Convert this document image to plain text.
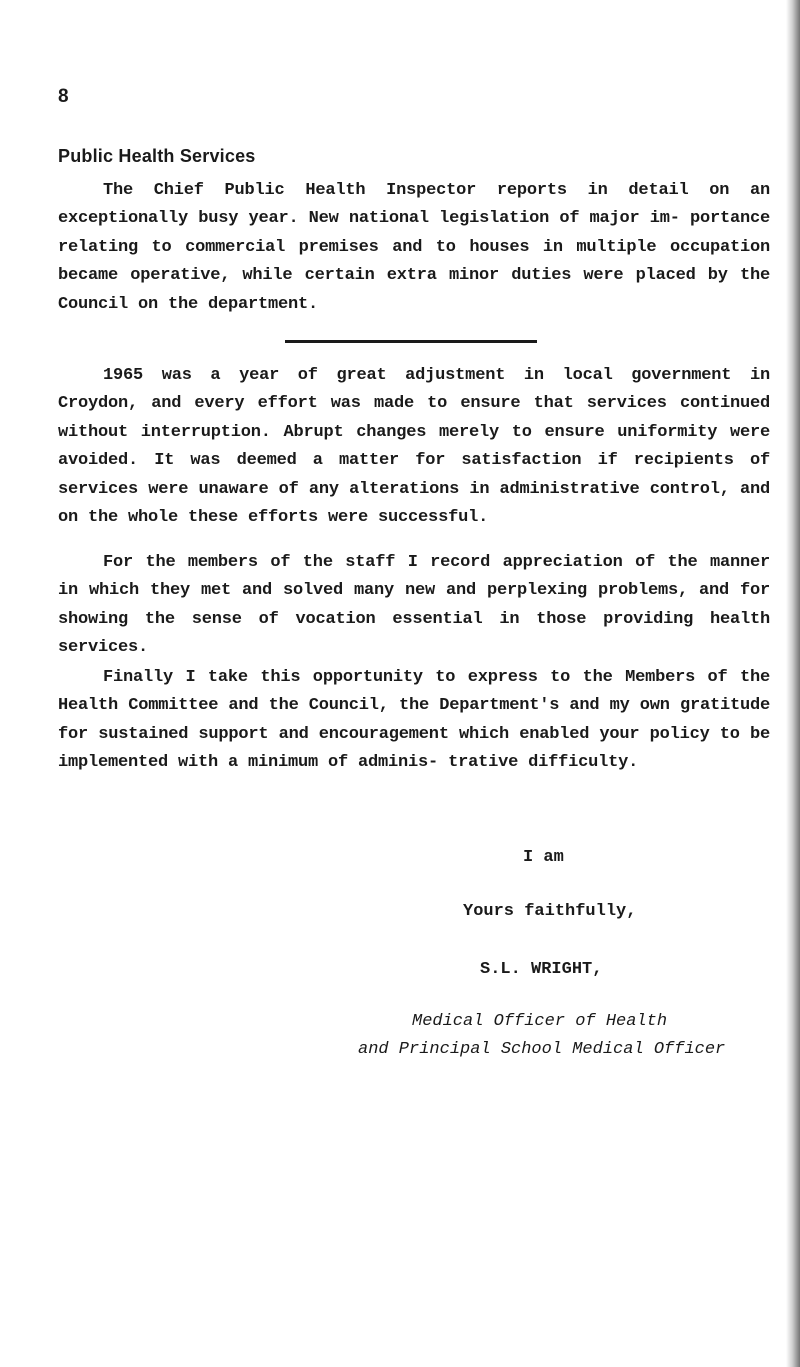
8
Public Health Services

The Chief Public Health Inspector reports in detail on an exceptionally busy year. New national legislation of major im- portance relating to commercial premises and to houses in multiple occupation became operative, while certain extra minor duties were placed by the Council on the department.

1965 was a year of great adjustment in local government in Croydon, and every effort was made to ensure that services continued without interruption. Abrupt changes merely to ensure uniformity were avoided. It was deemed a matter for satisfaction if recipients of services were unaware of any alterations in administrative control, and on the whole these efforts were successful.

For the members of the staff I record appreciation of the manner in which they met and solved many new and perplexing problems, and for showing the sense of vocation essential in those providing health services.

Finally I take this opportunity to express to the Members of the Health Committee and the Council, the Department's and my own gratitude for sustained support and encouragement which enabled your policy to be implemented with a minimum of adminis- trative difficulty.

I am
Yours faithfully,
S.L. WRIGHT,
Medical Officer of Health
and Principal School Medical Officer
